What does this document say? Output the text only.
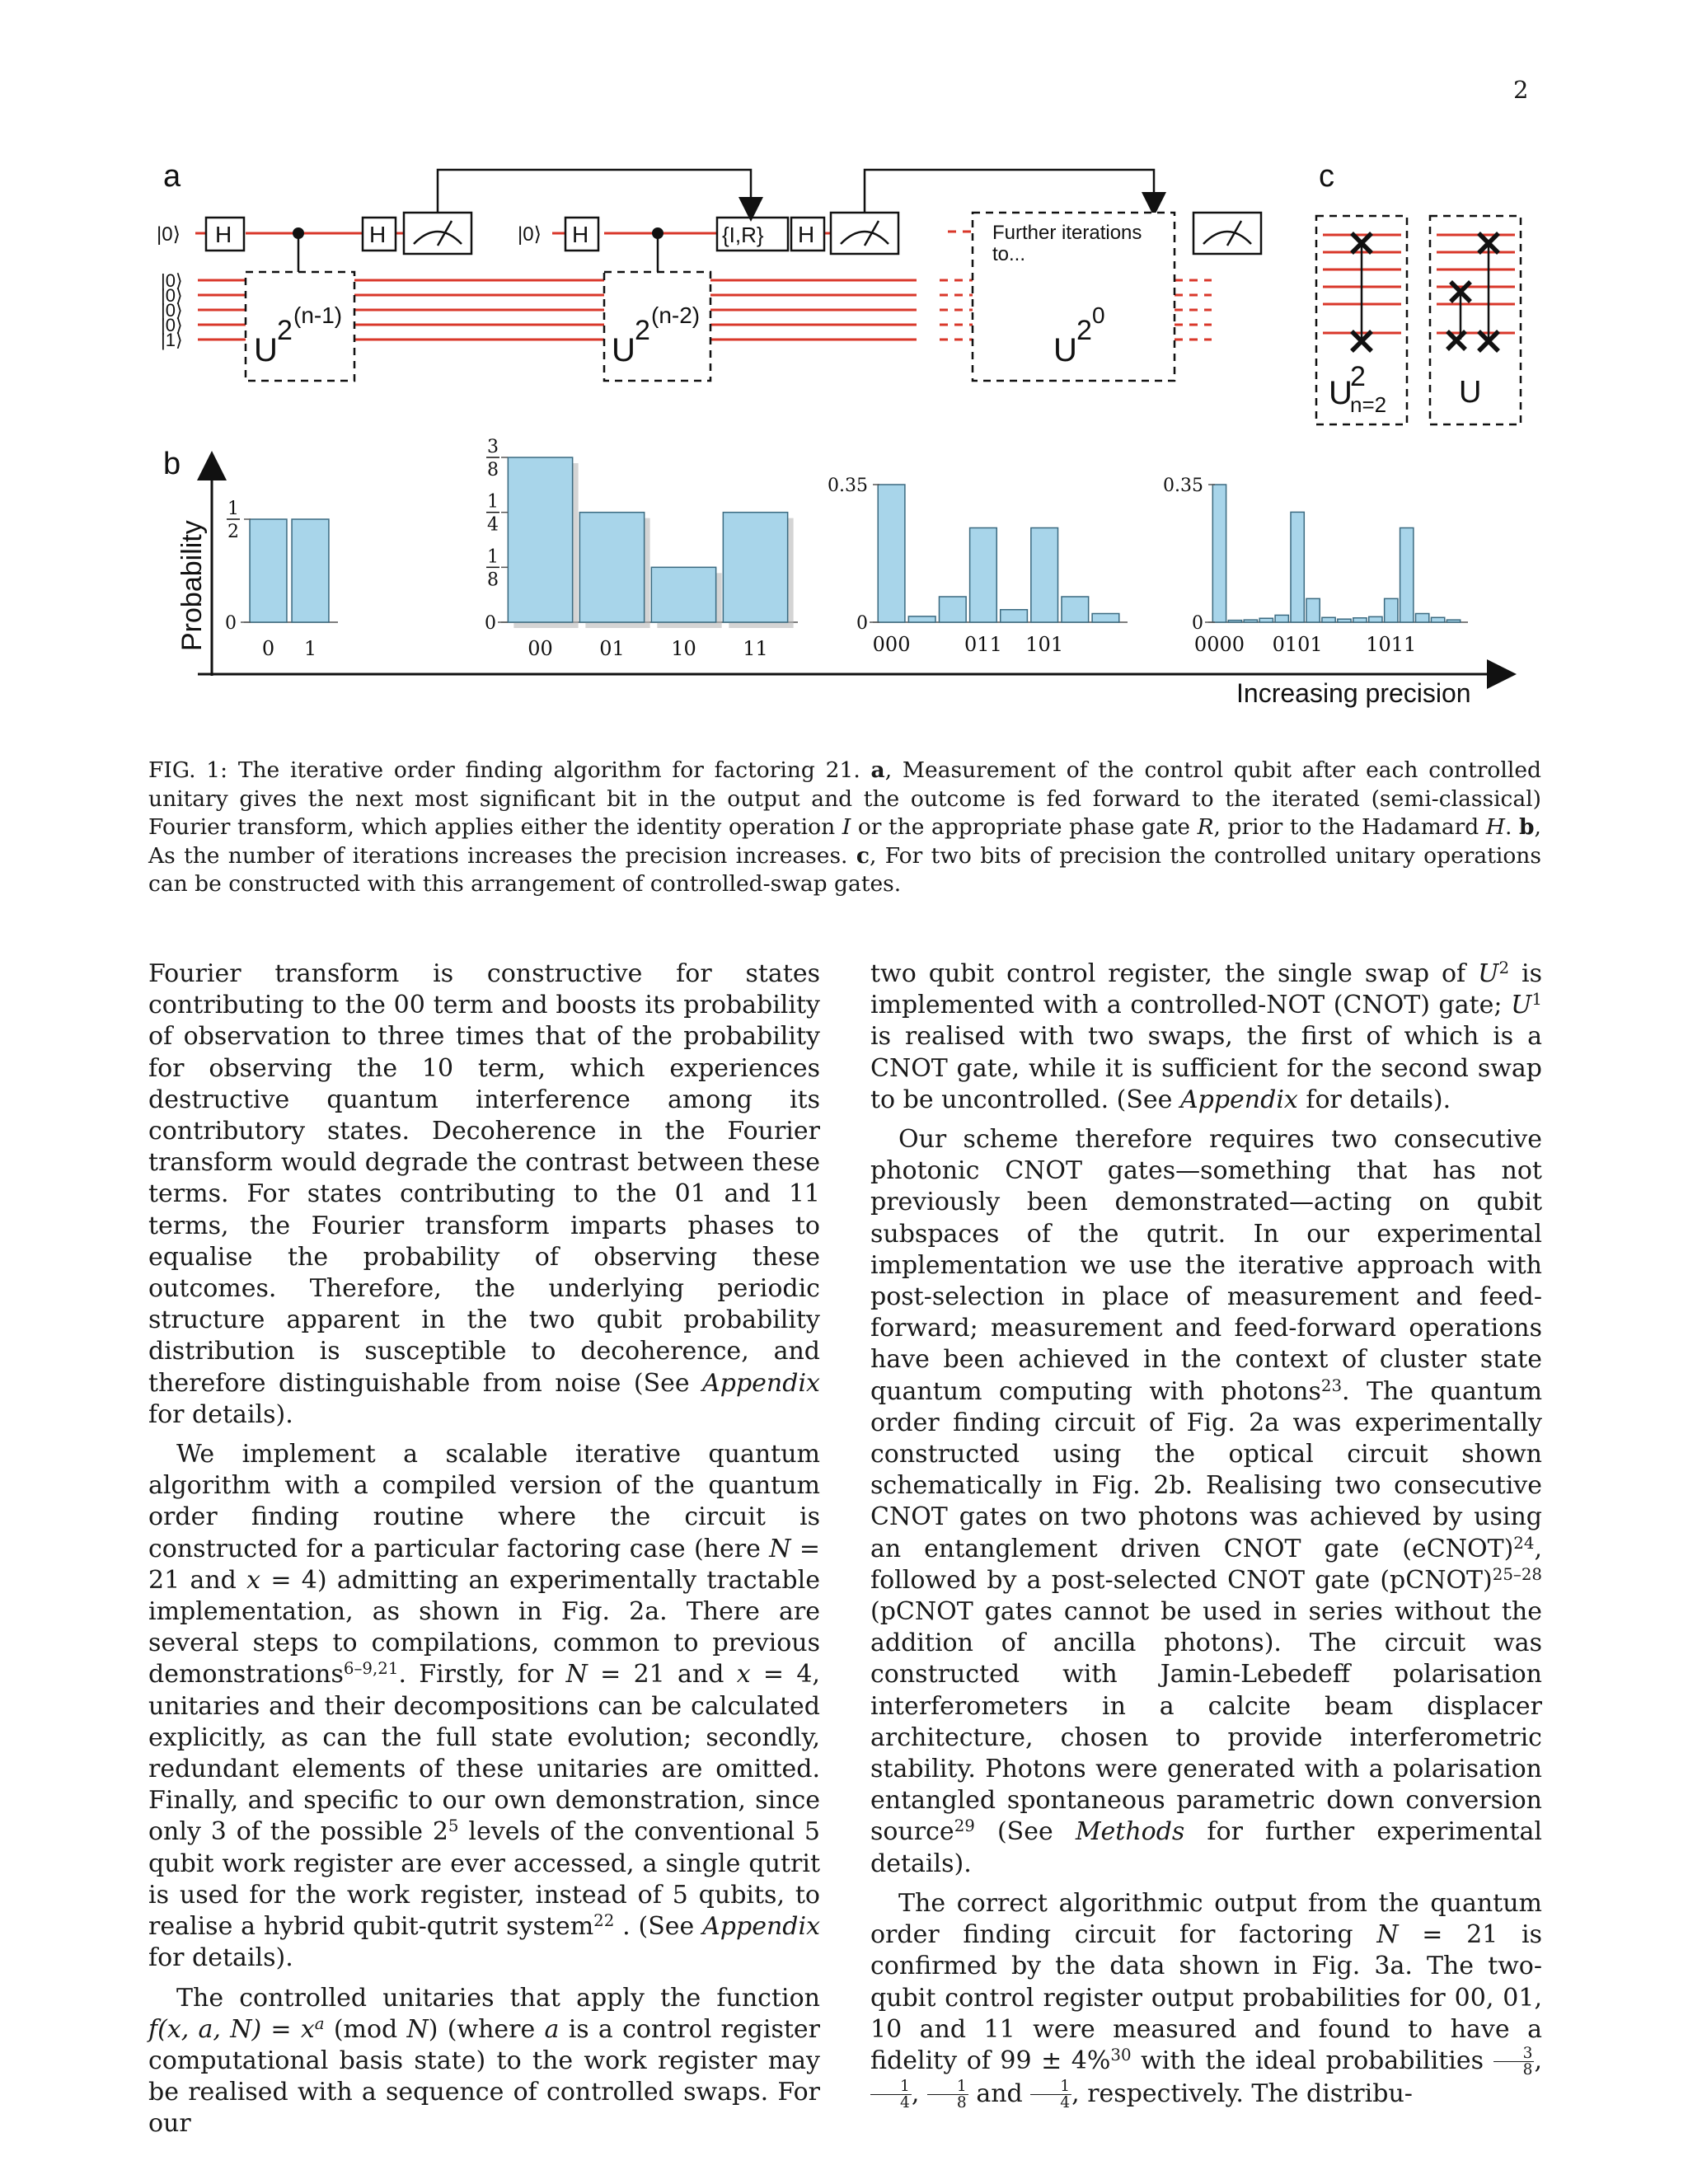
2
a
b
c
|0⟩	|0⟩
|0⟩
|0⟩
|0⟩
|0⟩
|1⟩
H	H	H	H
{I,R}
U
2 (n-1)
U
2 (n-2)
Further iterations
to...
U
2 0
U
2
n=2 U
Probability
Increasing precision
0 1
1
2
0
00 01 10 11
3
8
1
4
1
8
0
000	011 101
0.35
0
0000 0101 1011
0.35
0
FIG. 1: The iterative order finding algorithm for factoring 21. a, Measurement of the control qubit after each controlled unitary gives the next most significant bit in the output and the outcome is fed forward to the iterated (semi-classical) Fourier transform, which applies either the identity operation I or the appropriate phase gate R, prior to the Hadamard H. b, As the number of iterations increases the precision increases. c, For two bits of precision the controlled unitary operations can be constructed with this arrangement of controlled-swap gates.

Fourier transform is constructive for states contributing to the 00 term and boosts its probability of observation to three times that of the probability for observing the 10 term, which experiences destructive quantum interference among its contributory states. Decoherence in the Fourier transform would degrade the contrast between these terms. For states contributing to the 01 and 11 terms, the Fourier transform imparts phases to equalise the probability of observing these outcomes. Therefore, the underlying periodic structure apparent in the two qubit probability distribution is susceptible to decoherence, and therefore distinguishable from noise (See Appendix for details).

We implement a scalable iterative quantum algorithm with a compiled version of the quantum order finding routine where the circuit is constructed for a particular factoring case (here N = 21 and x = 4) admitting an experimentally tractable implementation, as shown in Fig. 2a. There are several steps to compilations, common to previous demonstrations$^{6-9,21}$. Firstly, for N = 21 and x = 4, unitaries and their decompositions can be calculated explicitly, as can the full state evolution; secondly, redundant elements of these unitaries are omitted. Finally, and specific to our own demonstration, since only 3 of the possible $2^5$ levels of the conventional 5 qubit work register are ever accessed, a single qutrit is used for the work register, instead of 5 qubits, to realise a hybrid qubit-qutrit system$^{22}$ . (See Appendix for details).

The controlled unitaries that apply the function f(x, a, $N) = x^a$ (mod N) (where a is a control register computational basis state) to the work register may be realised with a sequence of controlled swaps. For our

two qubit control register, the single swap of $U^2$ is implemented with a controlled-NOT (CNOT) gate; $U^1$ is realised with two swaps, the first of which is a CNOT gate, while it is sufficient for the second swap to be uncontrolled. (See Appendix for details).

Our scheme therefore requires two consecutive photonic CNOT gates—something that has not previously been demonstrated—acting on qubit subspaces of the qutrit. In our experimental implementation we use the iterative approach with post-selection in place of measurement and feed-forward; measurement and feed-forward operations have been achieved in the context of cluster state quantum computing with photons$^{23}$. The quantum order finding circuit of Fig. 2a was experimentally constructed using the optical circuit shown schematically in Fig. 2b. Realising two consecutive CNOT gates on two photons was achieved by using an entanglement driven CNOT gate (eCNOT)$^{24}$, followed by a post-selected CNOT gate (pCNOT)$^{25-28}$ (pCNOT gates cannot be used in series without the addition of ancilla photons). The circuit was constructed with Jamin-Lebedeff polarisation interferometers in a calcite beam displacer architecture, chosen to provide interferometric stability. Photons were generated with a polarisation entangled spontaneous parametric down conversion source$^{29}$ (See Methods for further experimental details).

The correct algorithmic output from the quantum order finding circuit for factoring N = 21 is confirmed by the data shown in Fig. 3a. The two-qubit control register output probabilities for 00, 01, 10 and 11 were measured and found to have a fidelity of 99 ± 4%$^{30}$ with the ideal probabilities $\frac{3}{8}$ ,
$\frac{1}{4}$ , $\frac{1}{8}$ and $\frac{1}{4}$ , respectively. The distribu-
